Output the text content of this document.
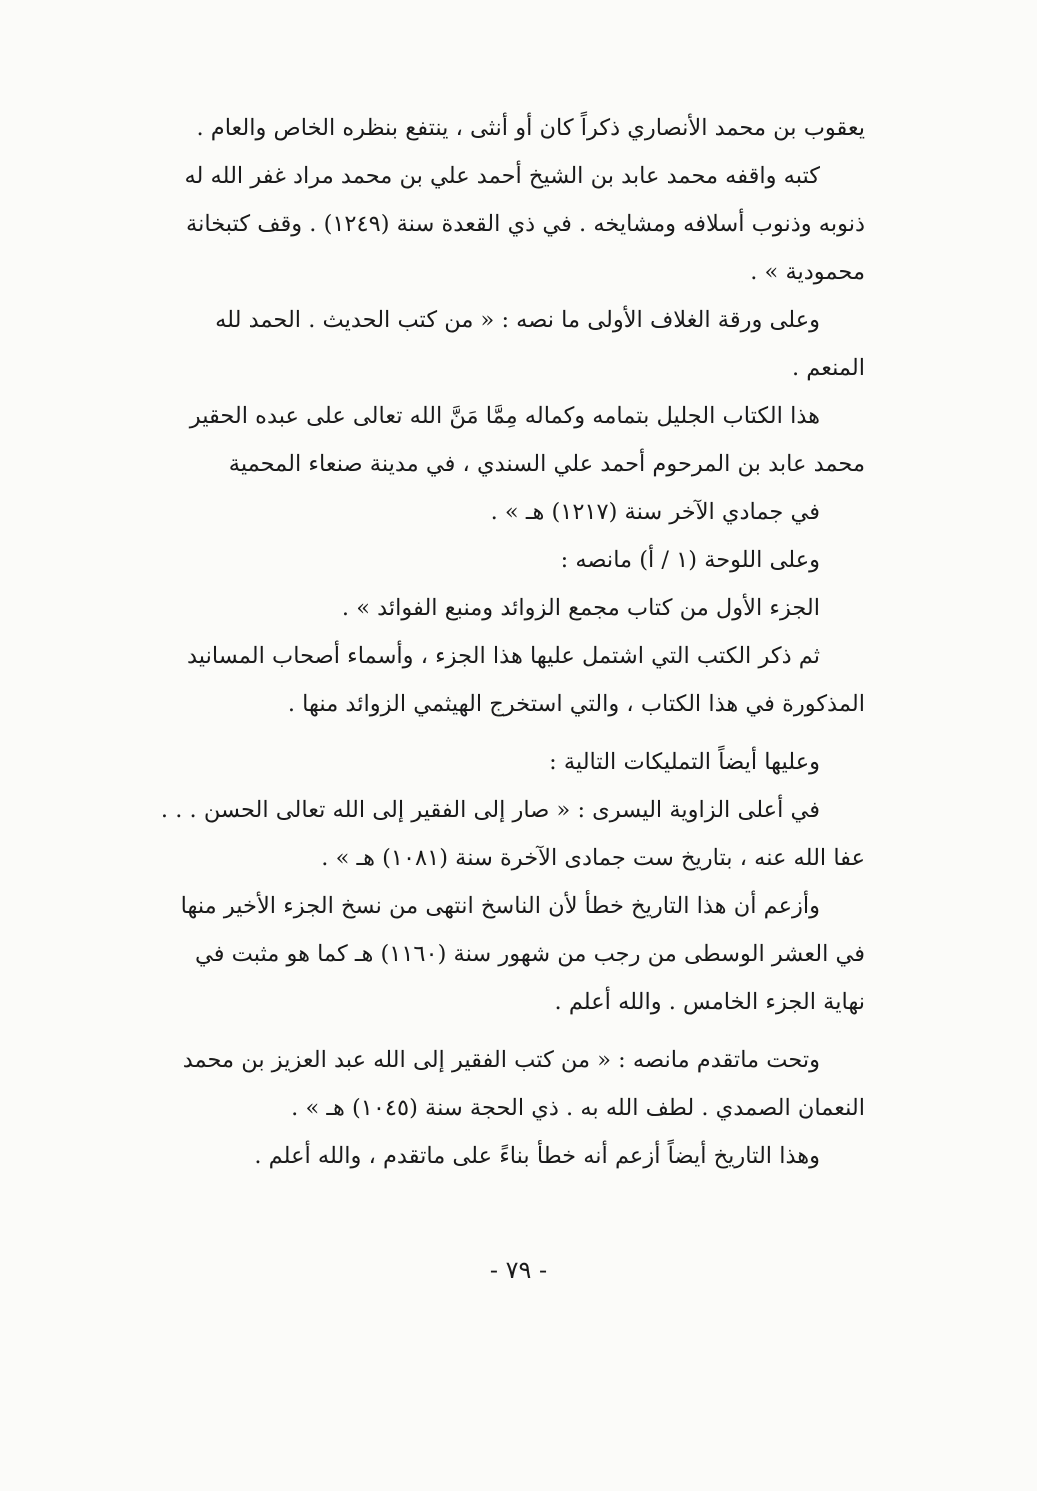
يعقوب بن محمد الأنصاري ذكراً كان أو أنثى ، ينتفع بنظره الخاص والعام .
كتبه واقفه محمد عابد بن الشيخ أحمد علي بن محمد مراد غفر الله له
ذنوبه وذنوب أسلافه ومشايخه . في ذي القعدة سنة (١٢٤٩) . وقف كتبخانة
محمودية » .
وعلى ورقة الغلاف الأولى ما نصه : « من كتب الحديث . الحمد لله
المنعم .
هذا الكتاب الجليل بتمامه وكماله مِمَّا مَنَّ الله تعالى على عبده الحقير
محمد عابد بن المرحوم أحمد علي السندي ، في مدينة صنعاء المحمية
في جمادي الآخر سنة (١٢١٧) هـ » .
وعلى اللوحة (١ / أ) مانصه :
الجزء الأول من كتاب مجمع الزوائد ومنبع الفوائد » .
ثم ذكر الكتب التي اشتمل عليها هذا الجزء ، وأسماء أصحاب المسانيد
المذكورة في هذا الكتاب ، والتي استخرج الهيثمي الزوائد منها .
وعليها أيضاً التمليكات التالية :
في أعلى الزاوية اليسرى : « صار إلى الفقير إلى الله تعالى الحسن . . .
عفا الله عنه ، بتاريخ ست جمادى الآخرة سنة (١٠٨١) هـ » .
وأزعم أن هذا التاريخ خطأ لأن الناسخ انتهى من نسخ الجزء الأخير منها
في العشر الوسطى من رجب من شهور سنة (١١٦٠) هـ كما هو مثبت في
نهاية الجزء الخامس . والله أعلم .
وتحت ماتقدم مانصه : « من كتب الفقير إلى الله عبد العزيز بن محمد
النعمان الصمدي . لطف الله به . ذي الحجة سنة (١٠٤٥) هـ » .
وهذا التاريخ أيضاً أزعم أنه خطأ بناءً على ماتقدم ، والله أعلم .
- ٧٩ -
